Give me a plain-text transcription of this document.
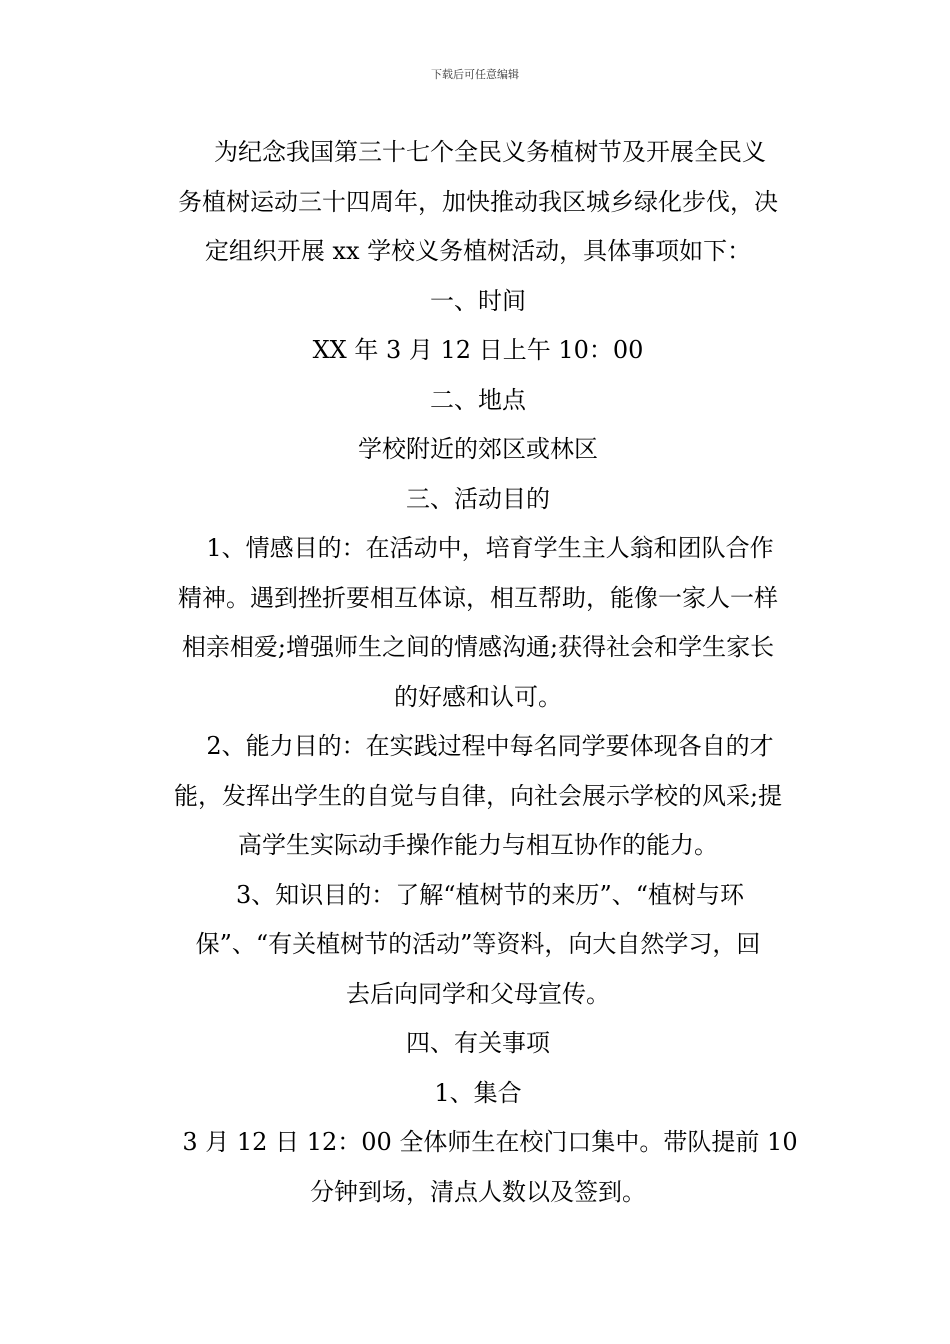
下载后可任意编辑

　为纪念我国第三十七个全民义务植树节及开展全民义

务植树运动三十四周年，加快推动我区城乡绿化步伐，决

定组织开展 xx 学校义务植树活动，具体事项如下：

一、时间

XX 年 3 月 12 日上午 10：00

二、地点

学校附近的郊区或林区

三、活动目的

　1、情感目的：在活动中，培育学生主人翁和团队合作

精神。遇到挫折要相互体谅，相互帮助，能像一家人一样

相亲相爱;增强师生之间的情感沟通;获得社会和学生家长

的好感和认可。

　2、能力目的：在实践过程中每名同学要体现各自的才

能，发挥出学生的自觉与自律，向社会展示学校的风采;提

高学生实际动手操作能力与相互协作的能力。

　3、知识目的：了解“植树节的来历”、“植树与环

保”、“有关植树节的活动”等资料，向大自然学习，回

去后向同学和父母宣传。

四、有关事项

1、集合

　3 月 12 日 12：00 全体师生在校门口集中。带队提前 10

分钟到场，清点人数以及签到。
